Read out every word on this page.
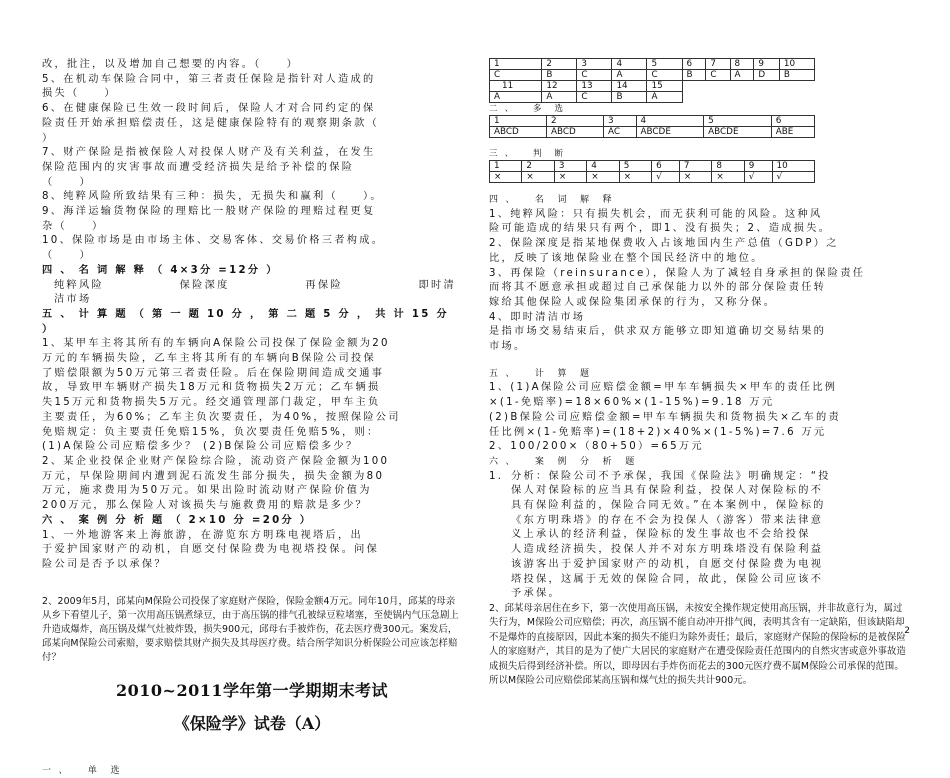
改，批注，以及增加自己想要的内容。（　　）

5、在机动车保险合同中，第三者责任保险是指针对人造成的

损失（　　）

6、在健康保险已生效一段时间后，保险人才对合同约定的保

险责任开始承担赔偿责任，这是健康保险特有的观察期条款（

）

7、财产保险是指被保险人对投保人财产及有关利益，在发生

保险范围内的灾害事故而遭受经济损失是给予补偿的保险

（　　）

8、纯粹风险所致结果有三种：损失，无损失和赢利（　　）。

9、海洋运输货物保险的理赔比一般财产保险的理赔过程更复

杂（　　）

10、保险市场是由市场主体、交易客体、交易价格三者构成。

（　　）

四 、 名 词 解 释 （ 4×3分 =12分 ）

纯粹风险	保险深度	再保险	即时清

洁市场

五 、 计 算 题 （ 第 一 题 10 分 ， 第 二 题 5 分 ， 共 计 15 分 ）

1、某甲车主将其所有的车辆向A保险公司投保了保险金额为20

万元的车辆损失险，乙车主将其所有的车辆向B保险公司投保

了赔偿限额为50万元第三者责任险。后在保险期间造成交通事

故，导致甲车辆财产损失18万元和货物损失2万元；乙车辆损

失15万元和货物损失5万元。经交通管理部门裁定，甲车主负

主要责任，为60%；乙车主负次要责任，为40%，按照保险公司

免赔规定：负主要责任免赔15%，负次要责任免赔5%，则：

(1)A保险公司应赔偿多少？ (2)B保险公司应赔偿多少？

2、某企业投保企业财产保险综合险，流动资产保险金额为100

万元，早保险期间内遭到泥石流发生部分损失，损失金额为80

万元，施求费用为50万元。如果出险时流动财产保险价值为

200万元，那么保险人对该损失与施救费用的赔款是多少？

六 、 案 例 分 析 题 （ 2×10 分 =20分 ）

1、一外地游客来上海旅游，在游览东方明珠电视塔后，出

于爱护国家财产的动机，自愿交付保险费为电视塔投保。问保

险公司是否予以承保？

2、2009年5月，邱某向M保险公司投保了家庭财产保险，保险金额4万元。同年10月，邱某的母亲从乡下看望儿子，第一次用高压锅煮绿豆，由于高压锅的排气孔被绿豆粒堵塞，至使锅内气压急剧上升造成爆炸，高压锅及煤气灶被炸毁，损失900元，邱母右手被炸伤，花去医疗费300元。案发后，邱某向M保险公司索赔，要求赔偿其财产损失及其母医疗费。结合所学知识分析保险公司应该怎样赔付？

2010~2011学年第一学期期末考试

《保险学》试卷（A）

一 、　　单　选

1	2	3	4	5	6	7	8	9	10
C	B	C	A	C	B	C	A	D	B
11	12	13	14	15					
A	A	C	B	A					

二 、　　多　选

1	2	3	4	5	6
ABCD	ABCD	AC	ABCDE	ABCDE	ABE

三 、　　判　断

1	2	3	4	5	6	7	8	9	10
×	×	×	×	×	√	×	×	√	√

四 、　　名　词　解　释

1、纯粹风险：只有损失机会，而无获利可能的风险。这种风

险可能造成的结果只有两个，即1、没有损失；2、造成损失。

2、保险深度是指某地保费收入占该地国内生产总值（GDP）之

比，反映了该地保险业在整个国民经济中的地位。

3、再保险（reinsurance），保险人为了减轻自身承担的保险责任

而将其不愿意承担或超过自己承保能力以外的部分保险责任转

嫁给其他保险人或保险集团承保的行为，又称分保。

4、即时清洁市场

是指市场交易结束后，供求双方能够立即知道确切交易结果的

市场。

五 、　　计　算　题

1、(1)A保险公司应赔偿金额=甲车车辆损失×甲车的责任比例

×(1-免赔率)=18×60%×(1-15%)=9.18 万元

(2)B保险公司应赔偿金额=甲车车辆损失和货物损失×乙车的责

任比例×(1-免赔率)=(18+2)×40%×(1-5%)=7.6 万元

2、100/200×（80+50）=65万元

六 、　　案　例　分　析　题

1. 分析：保险公司不予承保，我国《保险法》明确规定：“投

保人对保险标的应当具有保险利益，投保人对保险标的不

具有保险利益的，保险合同无效。”在本案例中，保险标的

《东方明珠塔》的存在不会为投保人（游客）带来法律意

义上承认的经济利益，保险标的发生事故也不会给投保

人造成经济损失，投保人并不对东方明珠塔没有保险利益

该游客出于爱护国家财产的动机，自愿交付保险费为电视

塔投保，这属于无效的保险合同，故此，保险公司应该不

予承保。

2、邱某母亲居住在乡下，第一次使用高压锅，未按安全操作规定使用高压锅，并非故意行为，属过失行为，M保险公司应赔偿；再次，高压锅不能自动冲开排气阀，表明其含有一定缺陷，但该缺陷却不是爆炸的直接原因，因此本案的损失不能归为除外责任；最后，家庭财产保险的保险标的是被保险人的家庭财产，其目的是为了使广大居民的家庭财产在遭受保险责任范围内的自然灾害或意外事故造成损失后得到经济补偿。所以，即母因右手炸伤而花去的300元医疗费不属M保险公司承保的范围。所以M保险公司应赔偿邱某高压锅和煤气灶的损失共计900元。

2
